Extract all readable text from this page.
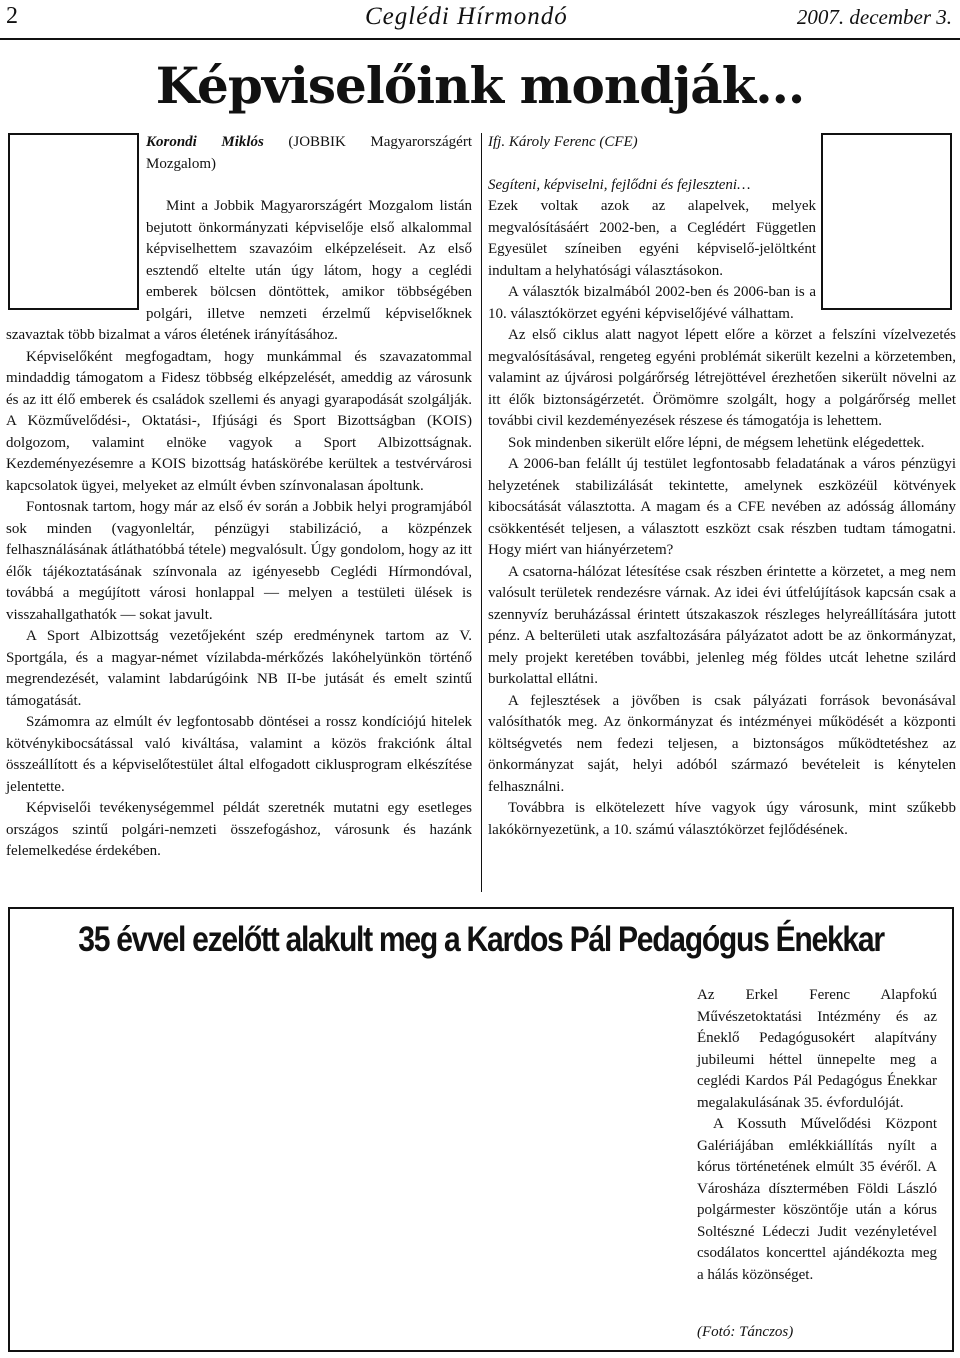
2	Ceglédi Hírmondó	2007. december 3.
Képviselőink mondják…

Korondi Miklós (JOBBIK Magyarországért Mozgalom)

Mint a Jobbik Magyarországért Mozgalom listán bejutott önkormányzati képviselője első alkalommal képviselhettem szavazóim elképzeléseit. Az első esztendő eltelte után úgy látom, hogy a ceglédi emberek bölcsen döntöttek, amikor többségében polgári, illetve nemzeti érzelmű képviselőknek szavaztak több bizalmat a város életének irányításához.

Képviselőként megfogadtam, hogy munkámmal és szavazatommal mindaddig támogatom a Fidesz többség elképzelését, ameddig az városunk és az itt élő emberek és családok szellemi és anyagi gyarapodását szolgálják. A Közművelődési-, Oktatási-, Ifjúsági és Sport Bizottságban (KOIS) dolgozom, valamint elnöke vagyok a Sport Albizottságnak. Kezdeményezésemre a KOIS bizottság hatáskörébe kerültek a testvérvárosi kapcsolatok ügyei, melyeket az elmúlt évben színvonalasan ápoltunk.

Fontosnak tartom, hogy már az első év során a Jobbik helyi programjából sok minden (vagyonleltár, pénzügyi stabilizáció, a közpénzek felhasználásának átláthatóbbá tétele) megvalósult. Úgy gondolom, hogy az itt élők tájékoztatásának színvonala az igényesebb Ceglédi Hírmondóval, továbbá a megújított városi honlappal — melyen a testületi ülések is visszahallgathatók — sokat javult.

A Sport Albizottság vezetőjeként szép eredménynek tartom az V. Sportgála, és a magyar-német vízilabda-mérkőzés lakóhelyünkön történő megrendezését, valamint labdarúgóink NB II-be jutását és emelt szintű támogatását.

Számomra az elmúlt év legfontosabb döntései a rossz kondíciójú hitelek kötvénykibocsátással való kiváltása, valamint a közös frakciónk által összeállított és a képviselőtestület által elfogadott ciklusprogram elkészítése jelentette.

Képviselői tevékenységemmel példát szeretnék mutatni egy esetleges országos szintű polgári-nemzeti összefogáshoz, városunk és hazánk felemelkedése érdekében.

Ifj. Károly Ferenc (CFE)

Segíteni, képviselni, fejlődni és fejleszteni…

Ezek voltak azok az alapelvek, melyek megvalósításáért 2002-ben, a Ceglédért Független Egyesület színeiben egyéni képviselő-jelöltként indultam a helyhatósági választásokon.

A választók bizalmából 2002-ben és 2006-ban is a 10. választókörzet egyéni képviselőjévé válhattam.

Az első ciklus alatt nagyot lépett előre a körzet a felszíni vízelvezetés megvalósításával, rengeteg egyéni problémát sikerült kezelni a körzetemben, valamint az újvárosi polgárőrség létrejöttével érezhetően sikerült növelni az itt élők biztonságérzetét. Örömömre szolgált, hogy a polgárőrség mellet további civil kezdeményezések részese és támogatója is lehettem.

Sok mindenben sikerült előre lépni, de mégsem lehetünk elégedettek.

A 2006-ban felállt új testület legfontosabb feladatának a város pénzügyi helyzetének stabilizálását tekintette, amelynek eszközéül kötvények kibocsátását választotta. A magam és a CFE nevében az adósság állomány csökkentését teljesen, a választott eszközt csak részben tudtam támogatni. Hogy miért van hiányérzetem?

A csatorna-hálózat létesítése csak részben érintette a körzetet, a meg nem valósult területek rendezésre várnak. Az idei évi útfelújítások kapcsán csak a szennyvíz beruházással érintett útszakaszok részleges helyreállítására jutott pénz. A belterületi utak aszfaltozására pályázatot adott be az önkormányzat, mely projekt keretében további, jelenleg még földes utcát lehetne szilárd burkolattal ellátni.

A fejlesztések a jövőben is csak pályázati források bevonásával valósíthatók meg. Az önkormányzat és intézményei működését a központi költségvetés nem fedezi teljesen, a biztonságos működtetéshez az önkormányzat saját, helyi adóból származó bevételeit is kénytelen felhasználni.

Továbbra is elkötelezett híve vagyok úgy városunk, mint szűkebb lakókörnyezetünk, a 10. számú választókörzet fejlődésének.

35 évvel ezelőtt alakult meg a Kardos Pál Pedagógus Énekkar

Az Erkel Ferenc Alapfokú Művészetoktatási Intézmény és az Éneklő Pedagógusokért alapítvány jubileumi héttel ünnepelte meg a ceglédi Kardos Pál Pedagógus Énekkar megalakulásának 35. évfordulóját.

A Kossuth Művelődési Központ Galériájában emlékkiállítás nyílt a kórus történetének elmúlt 35 évéről. A Városháza dísztermében Földi László polgármester köszöntője után a kórus Soltészné Lédeczi Judit vezényletével csodálatos koncerttel ajándékozta meg a hálás közönséget.

(Fotó: Tánczos)
